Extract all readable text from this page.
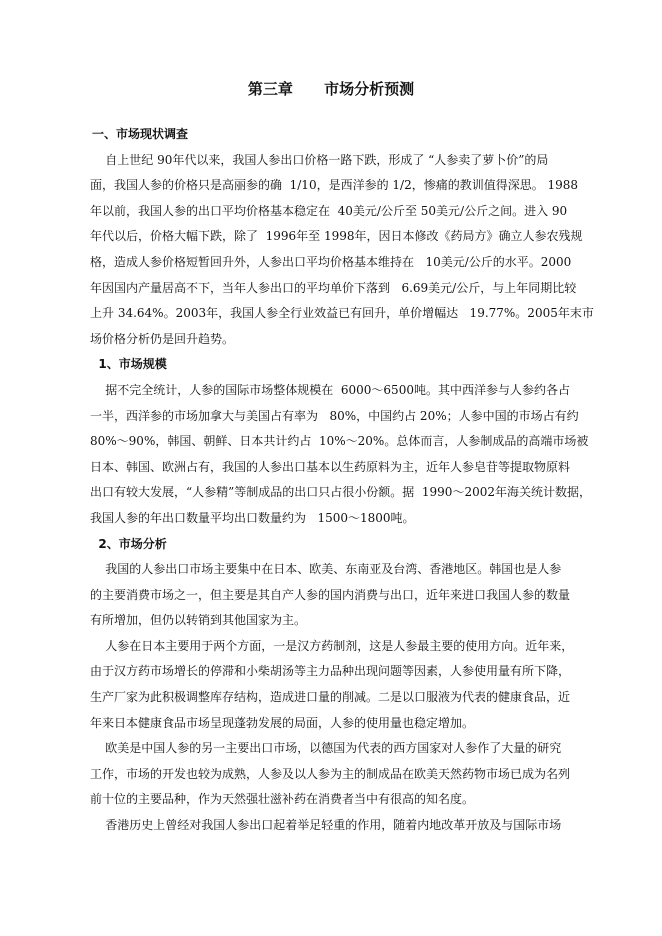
第三章      市场分析预测
一、市场现状调查
自上世纪 90年代以来，我国人参出口价格一路下跌，形成了 “人参卖了萝卜价”的局
面，我国人参的价格只是高丽参的确  1/10，是西洋参的 1/2，惨痛的教训值得深思。 1988
年以前，我国人参的出口平均价格基本稳定在  40美元/公斤至 50美元/公斤之间。进入 90
年代以后，价格大幅下跌，除了  1996年至 1998年，因日本修改《药局方》确立人参农残规
格，造成人参价格短暂回升外，人参出口平均价格基本维持在   10美元/公斤的水平。2000
年因国内产量居高不下，当年人参出口的平均单价下落到   6.69美元/公斤，与上年同期比较
上升 34.64%。2003年，我国人参全行业效益已有回升，单价增幅达   19.77%。2005年末市
场价格分析仍是回升趋势。
1、市场规模
据不完全统计，人参的国际市场整体规模在  6000～6500吨。其中西洋参与人参约各占
一半，西洋参的市场加拿大与美国占有率为   80%，中国约占 20%；人参中国的市场占有约
80%～90%，韩国、朝鲜、日本共计约占  10%～20%。总体而言，人参制成品的高端市场被
日本、韩国、欧洲占有，我国的人参出口基本以生药原料为主，近年人参皂苷等提取物原料
出口有较大发展，“人参精”等制成品的出口只占很小份额。据  1990～2002年海关统计数据，
我国人参的年出口数量平均出口数量约为   1500～1800吨。
2、市场分析
我国的人参出口市场主要集中在日本、欧美、东南亚及台湾、香港地区。韩国也是人参
的主要消费市场之一，但主要是其自产人参的国内消费与出口，近年来进口我国人参的数量
有所增加，但仍以转销到其他国家为主。
人参在日本主要用于两个方面，一是汉方药制剂，这是人参最主要的使用方向。近年来，
由于汉方药市场增长的停滞和小柴胡汤等主力品种出现问题等因素，人参使用量有所下降，
生产厂家为此积极调整库存结构，造成进口量的削减。二是以口服液为代表的健康食品，近
年来日本健康食品市场呈现蓬勃发展的局面，人参的使用量也稳定增加。
欧美是中国人参的另一主要出口市场，以德国为代表的西方国家对人参作了大量的研究
工作，市场的开发也较为成熟，人参及以人参为主的制成品在欧美天然药物市场已成为名列
前十位的主要品种，作为天然强壮滋补药在消费者当中有很高的知名度。
香港历史上曾经对我国人参出口起着举足轻重的作用，随着内地改革开放及与国际市场
